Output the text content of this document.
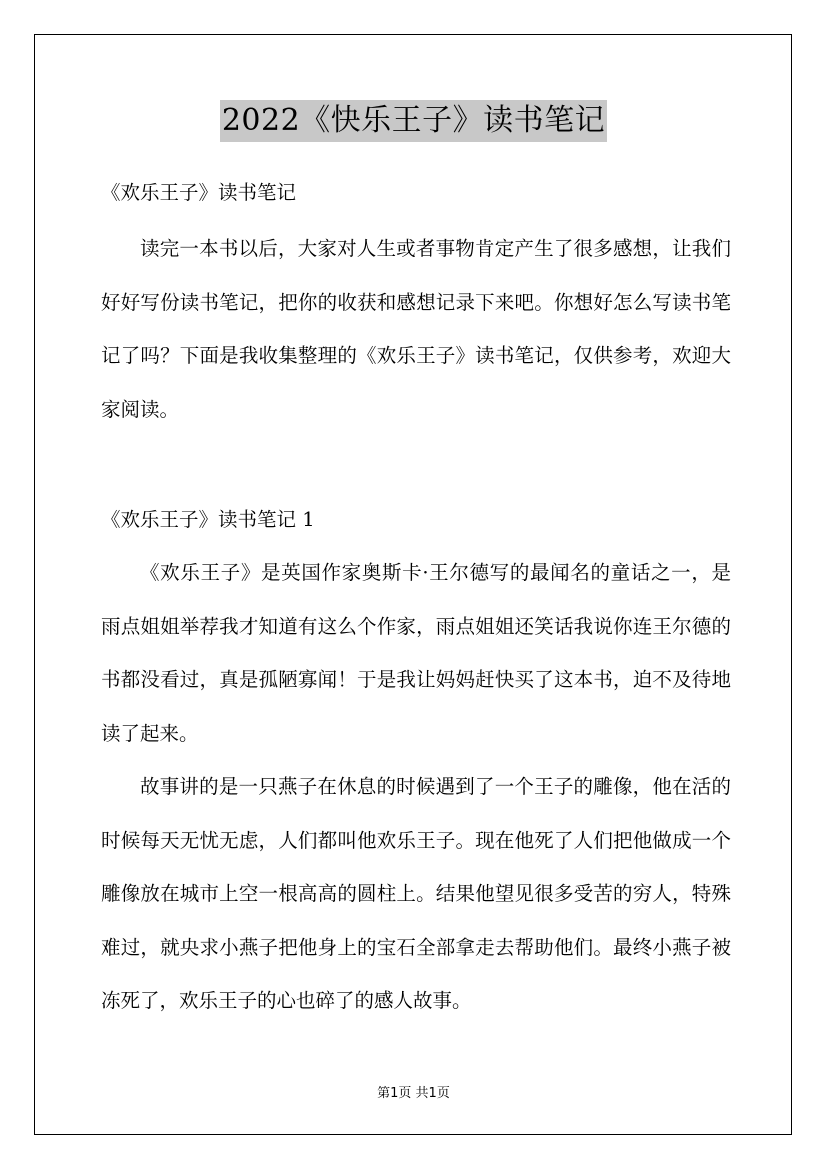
2022《快乐王子》读书笔记
《欢乐王子》读书笔记

读完一本书以后，大家对人生或者事物肯定产生了很多感想，让我们好好写份读书笔记，把你的收获和感想记录下来吧。你想好怎么写读书笔记了吗？下面是我收集整理的《欢乐王子》读书笔记，仅供参考，欢迎大家阅读。

《欢乐王子》读书笔记 1

《欢乐王子》是英国作家奥斯卡·王尔德写的最闻名的童话之一，是雨点姐姐举荐我才知道有这么个作家，雨点姐姐还笑话我说你连王尔德的书都没看过，真是孤陋寡闻！于是我让妈妈赶快买了这本书，迫不及待地读了起来。

故事讲的是一只燕子在休息的时候遇到了一个王子的雕像，他在活的时候每天无忧无虑，人们都叫他欢乐王子。现在他死了人们把他做成一个雕像放在城市上空一根高高的圆柱上。结果他望见很多受苦的穷人，特殊难过，就央求小燕子把他身上的宝石全部拿走去帮助他们。最终小燕子被冻死了，欢乐王子的心也碎了的感人故事。

第1页 共1页
